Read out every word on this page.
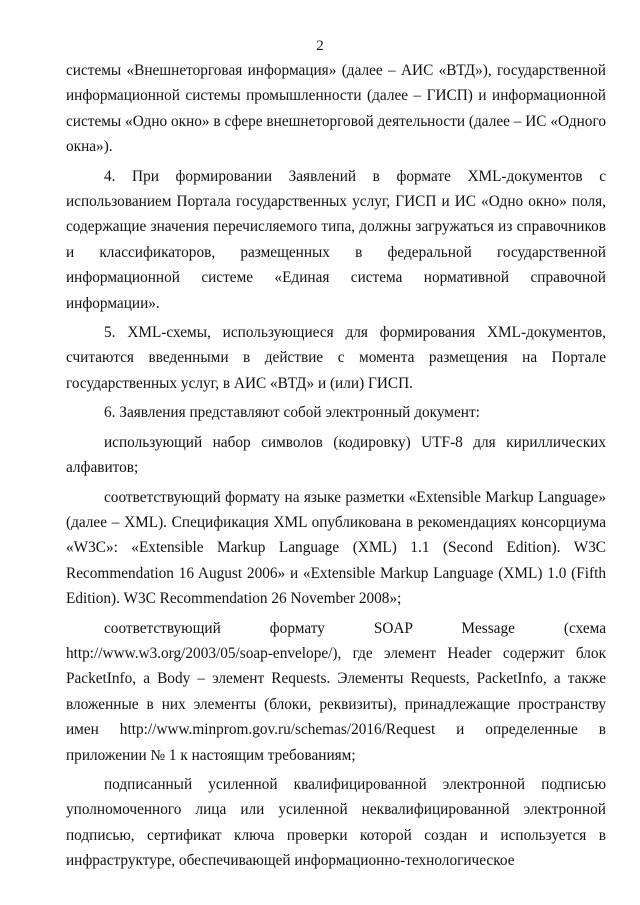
2

системы «Внешнеторговая информация» (далее – АИС «ВТД»), государственной информационной системы промышленности (далее – ГИСП) и информационной системы «Одно окно» в сфере внешнеторговой деятельности (далее – ИС «Одного окна»).

4. При формировании Заявлений в формате XML-документов с использованием Портала государственных услуг, ГИСП и ИС «Одно окно» поля, содержащие значения перечисляемого типа, должны загружаться из справочников и классификаторов, размещенных в федеральной государственной информационной системе «Единая система нормативной справочной информации».

5. XML-схемы, использующиеся для формирования XML-документов, считаются введенными в действие с момента размещения на Портале государственных услуг, в АИС «ВТД» и (или) ГИСП.

6. Заявления представляют собой электронный документ:

использующий набор символов (кодировку) UTF-8 для кириллических алфавитов;

соответствующий формату на языке разметки «Extensible Markup Language» (далее – XML). Спецификация XML опубликована в рекомендациях консорциума «W3C»: «Extensible Markup Language (XML) 1.1 (Second Edition). W3C Recommendation 16 August 2006» и «Extensible Markup Language (XML) 1.0 (Fifth Edition). W3C Recommendation 26 November 2008»;

соответствующий формату SOAP Message (схема http://www.w3.org/2003/05/soap-envelope/), где элемент Header содержит блок PacketInfo, а Body – элемент Requests. Элементы Requests, PacketInfo, а также вложенные в них элементы (блоки, реквизиты), принадлежащие пространству имен http://www.minprom.gov.ru/schemas/2016/Request и определенные в приложении № 1 к настоящим требованиям;

подписанный усиленной квалифицированной электронной подписью уполномоченного лица или усиленной неквалифицированной электронной подписью, сертификат ключа проверки которой создан и используется в инфраструктуре, обеспечивающей информационно-технологическое
